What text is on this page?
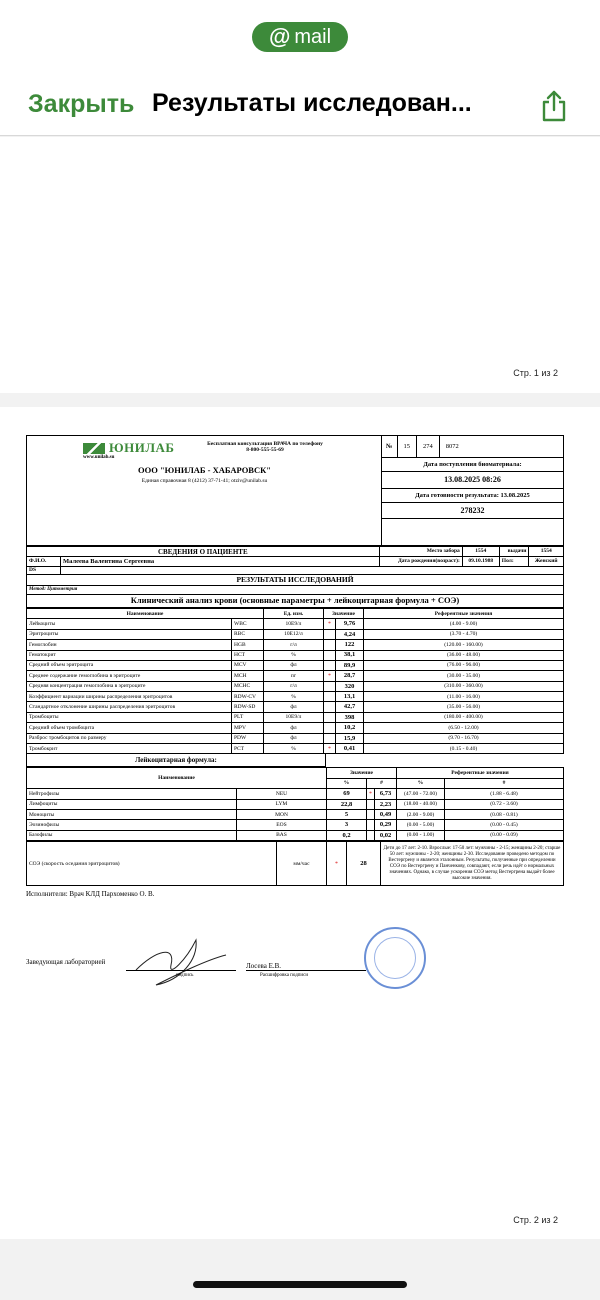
@ mail
Закрыть Результаты исследован...
Стр. 1 из 2
ЮНИЛАБ
www.unilab.su
Бесплатная консультация ВРАЧА по телефону 8-800-555-55-69
ООО "ЮНИЛАБ - ХАБАРОВСК"
Единая справочная 8 (4212) 37-71-41; otziv@unilab.su
№	15	274	8072
Дата поступления биоматериала:
13.08.2025 08:26
Дата готовности результата: 13.08.2025
278232
СВЕДЕНИЯ О ПАЦИЕНТЕ		Место забора	1554	выдачи	1554
Ф.И.О.	Малеева Валентина Сергеевна	Дата рождения(возраст):	09.10.1988	Пол:	Женский
DS					
РЕЗУЛЬТАТЫ ИССЛЕДОВАНИЙ
Метод: Цитометрия
Клинический анализ крови (основные параметры + лейкоцитарная формула + СОЭ)
Наименование		Ед. изм.	Значение		Референтные значения
Лейкоциты	WBC	10E9/л	*	9,76	(4.00 - 9.00)
Эритроциты	RBC	10E12/л		4,24	(3.70 - 4.70)
Гемоглобин	HGB	г/л		122	(120.00 - 160.00)
Гематокрит	HCT	%		38,1	(36.00 - 48.00)
Средний объем эритроцита	MCV	фл		89,9	(76.00 - 96.00)
Среднее содержание гемоглобина в эритроците	MCH	пг	*	28,7	(30.00 - 35.00)
Средняя концентрация гемоглобина в эритроците	MCHC	г/л		320	(310.00 - 360.00)
Коэффициент вариации ширины распределения эритроцитов	RDW-CV	%		13,1	(11.00 - 16.00)
Стандартное отклонение ширины распределения эритроцитов	RDW-SD	фл		42,7	(35.00 - 56.00)
Тромбоциты	PLT	10E9/л		398	(180.00 - 400.00)
Средний объем тромбоцита	MPV	фл		10,2	(6.50 - 12.00)
Разброс тромбоцитов по размеру	PDW	фл		15,9	(9.70 - 16.70)
Тромбокрит	PCT	%	*	0,41	(0.15 - 0.40)
Лейкоцитарная формула:
Наименование		Значение			Референтные значения	
		%	#		%	#
Нейтрофилы	NEU	69	*	6,73	(47.00 - 72.00)	(1.88 - 6.48)
Лимфоциты	LYM	22,8		2,23	(18.00 - 40.00)	(0.72 - 3.60)
Моноциты	MON	5		0,49	(2.00 - 9.00)	(0.08 - 0.81)
Эозинофилы	EOS	3		0,29	(0.00 - 5.00)	(0.00 - 0.45)
Базофилы	BAS	0,2		0,02	(0.00 - 1.00)	(0.00 - 0.09)
СОЭ (скорость оседания эритроцитов)	мм/час	*	28	Дети до 17 лет: 2-10. Взрослые: 17-50 лет: мужчины - 2-15; женщины 2-20; старше 50 лет: мужчины - 2-20; женщины 2-30. Исследование проведено методом по Вестергрену и является эталонным. Результаты, полученные при определении СОЭ по Вестергрену и Панченкову, совпадают, если речь идёт о нормальных значениях. Однако, в случае ускорения СОЭ метод Вестергрена выдаёт более высокие значения.
Исполнители: Врач КЛД Пархоменко О. В.
Заведующая лабораторией
подпись
Лосева Е.В.
Расшифровка подписи
Стр. 2 из 2
